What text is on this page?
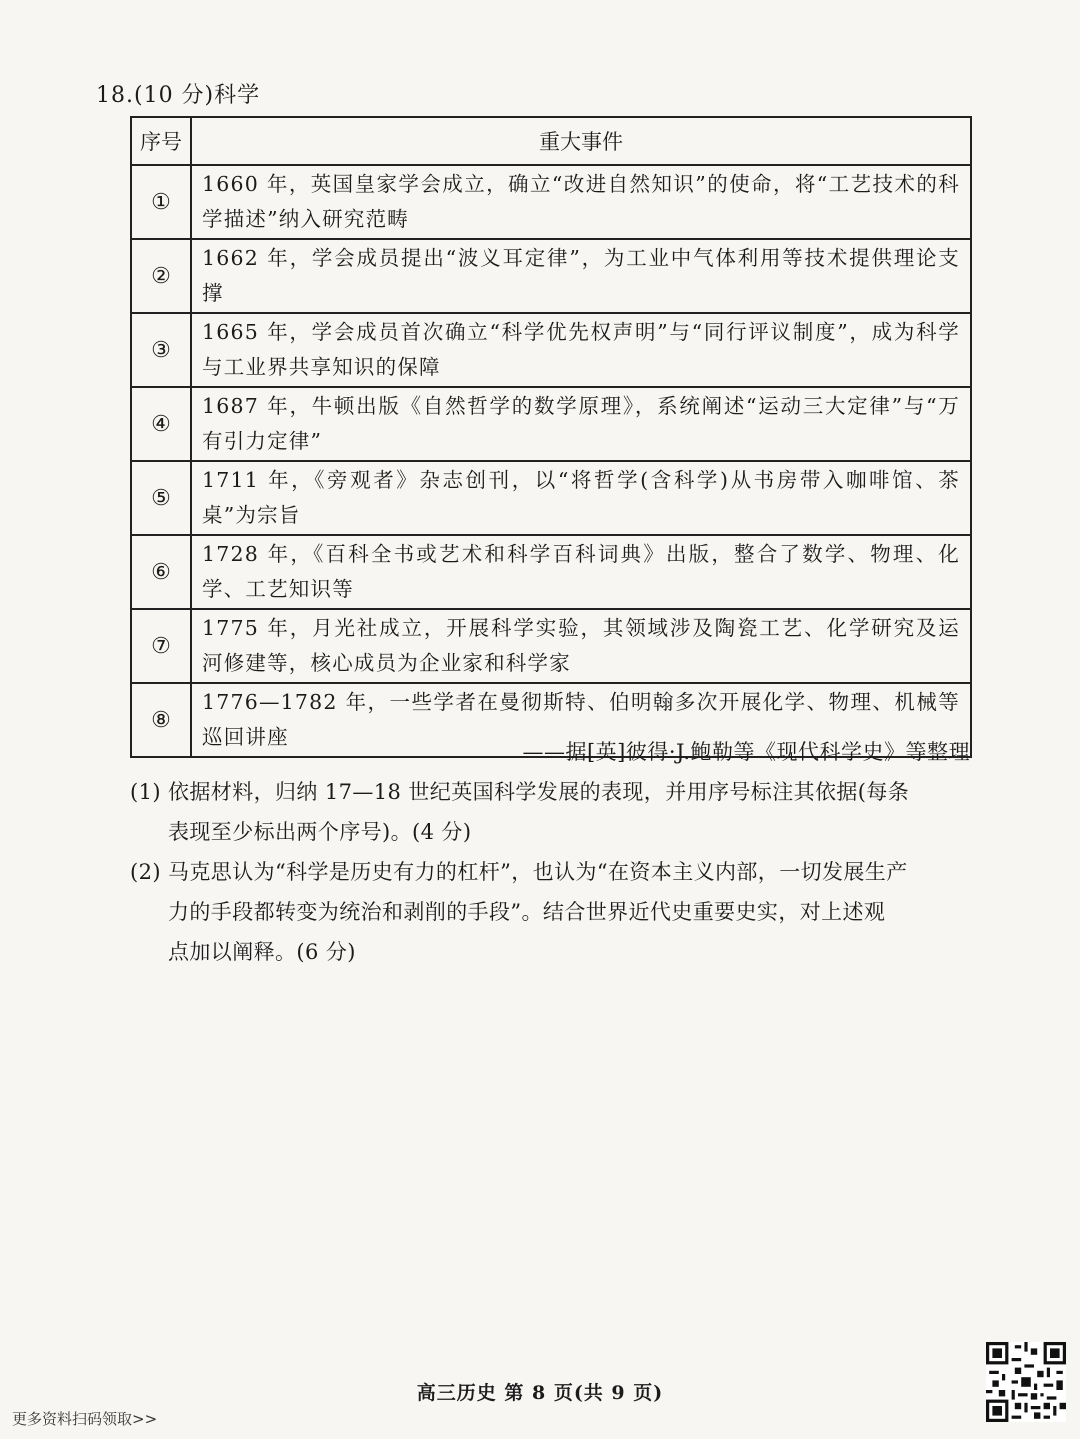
18.(10 分)科学
序号	重大事件
①	1660 年，英国皇家学会成立，确立“改进自然知识”的使命，将“工艺技术的科学描述”纳入研究范畴
②	1662 年，学会成员提出“波义耳定律”，为工业中气体利用等技术提供理论支撑
③	1665 年，学会成员首次确立“科学优先权声明”与“同行评议制度”，成为科学与工业界共享知识的保障
④	1687 年，牛顿出版《自然哲学的数学原理》，系统阐述“运动三大定律”与“万有引力定律”
⑤	1711 年，《旁观者》杂志创刊，以“将哲学(含科学)从书房带入咖啡馆、茶桌”为宗旨
⑥	1728 年，《百科全书或艺术和科学百科词典》出版，整合了数学、物理、化学、工艺知识等
⑦	1775 年，月光社成立，开展科学实验，其领域涉及陶瓷工艺、化学研究及运河修建等，核心成员为企业家和科学家
⑧	1776—1782 年，一些学者在曼彻斯特、伯明翰多次开展化学、物理、机械等巡回讲座
——据[英]彼得·J.鲍勒等《现代科学史》等整理
(1) 依据材料，归纳 17—18 世纪英国科学发展的表现，并用序号标注其依据(每条
表现至少标出两个序号)。(4 分)
(2) 马克思认为“科学是历史有力的杠杆”，也认为“在资本主义内部，一切发展生产
力的手段都转变为统治和剥削的手段”。结合世界近代史重要史实，对上述观
点加以阐释。(6 分)
高三历史 第 8 页(共 9 页)
更多资料扫码领取>>
